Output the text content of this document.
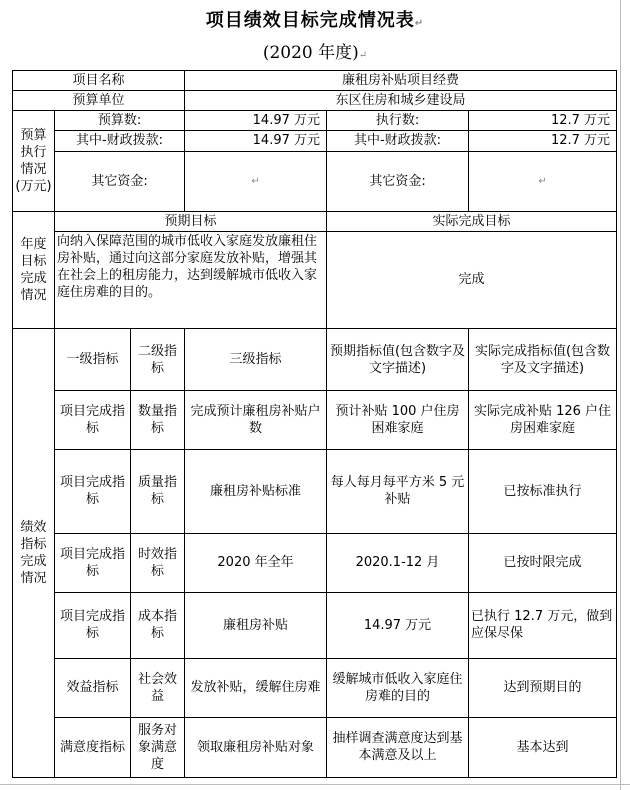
项目绩效目标完成情况表↵
(2020 年度)↵
项目名称			廉租房补贴项目经费		
预算单位			东区住房和城乡建设局		
预算执行情况(万元)	预算数:		14.97 万元	执行数:	12.7 万元
	其中-财政拨款:		14.97 万元	其中-财政拨款:	12.7 万元
	其它资金:		↵	其它资金:	↵
年度目标完成情况	预期目标			实际完成目标	
	向纳入保障范围的城市低收入家庭发放廉租住房补贴，通过向这部分家庭发放补贴，增强其在社会上的租房能力，达到缓解城市低收入家庭住房难的目的。			完成	
绩效指标完成情况	一级指标	二级指标	三级指标	预期指标值(包含数字及文字描述)	实际完成指标值(包含数字及文字描述)
	项目完成指标	数量指标	完成预计廉租房补贴户数	预计补贴 100 户住房困难家庭	实际完成补贴 126 户住房困难家庭
	项目完成指标	质量指标	廉租房补贴标准	每人每月每平方米 5 元补贴	已按标准执行
	项目完成指标	时效指标	2020 年全年	2020.1-12 月	已按时限完成
	项目完成指标	成本指标	廉租房补贴	14.97 万元	已执行 12.7 万元，做到应保尽保
	效益指标	社会效益	发放补贴，缓解住房难	缓解城市低收入家庭住房难的目的	达到预期目的
	满意度指标	服务对象满意度	领取廉租房补贴对象	抽样调查满意度达到基本满意及以上	基本达到
